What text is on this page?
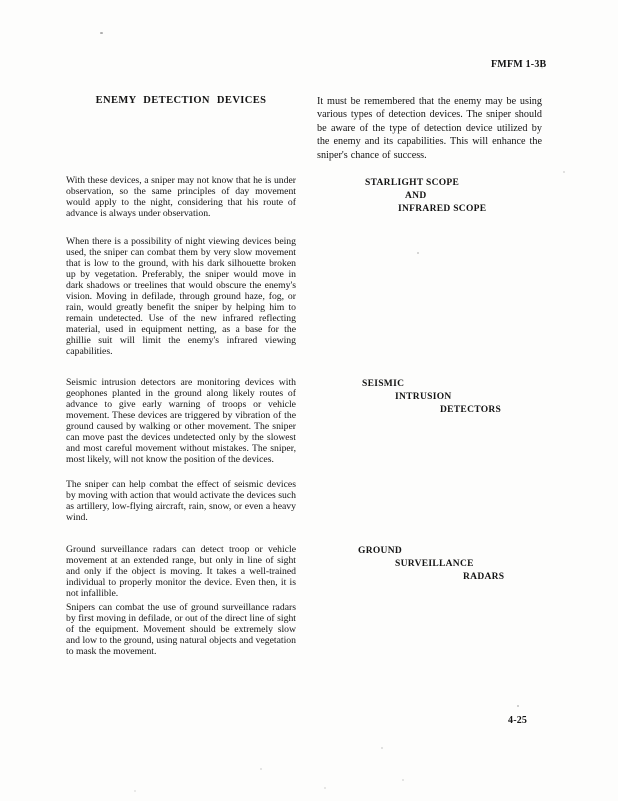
FMFM 1-3B
ENEMY DETECTION DEVICES	It must be remembered that the enemy may be using various types of detection devices. The sniper should be aware of the type of detection device utilized by the enemy and its capabilities. This will enhance the sniper's chance of success.
With these devices, a sniper may not know that he is under observation, so the same principles of day movement would apply to the night, considering that his route of advance is always under observation.
STARLIGHT SCOPE
AND
INFRARED SCOPE
When there is a possibility of night viewing devices being used, the sniper can combat them by very slow movement that is low to the ground, with his dark silhouette broken up by vegetation. Preferably, the sniper would move in dark shadows or treelines that would obscure the enemy's vision. Moving in defilade, through ground haze, fog, or rain, would greatly benefit the sniper by helping him to remain undetected. Use of the new infrared reflecting material, used in equipment netting, as a base for the ghillie suit will limit the enemy's infrared viewing capabilities.
Seismic intrusion detectors are monitoring devices with geophones planted in the ground along likely routes of advance to give early warning of troops or vehicle movement. These devices are triggered by vibration of the ground caused by walking or other movement. The sniper can move past the devices undetected only by the slowest and most careful movement without mistakes. The sniper, most likely, will not know the position of the devices.
SEISMIC
INTRUSION
DETECTORS
The sniper can help combat the effect of seismic devices by moving with action that would activate the devices such as artillery, low-flying aircraft, rain, snow, or even a heavy wind.
Ground surveillance radars can detect troop or vehicle movement at an extended range, but only in line of sight and only if the object is moving. It takes a well-trained individual to properly monitor the device. Even then, it is not infallible.
GROUND
SURVEILLANCE
RADARS
Snipers can combat the use of ground surveillance radars by first moving in defilade, or out of the direct line of sight of the equipment. Movement should be extremely slow and low to the ground, using natural objects and vegetation to mask the movement.
4-25
